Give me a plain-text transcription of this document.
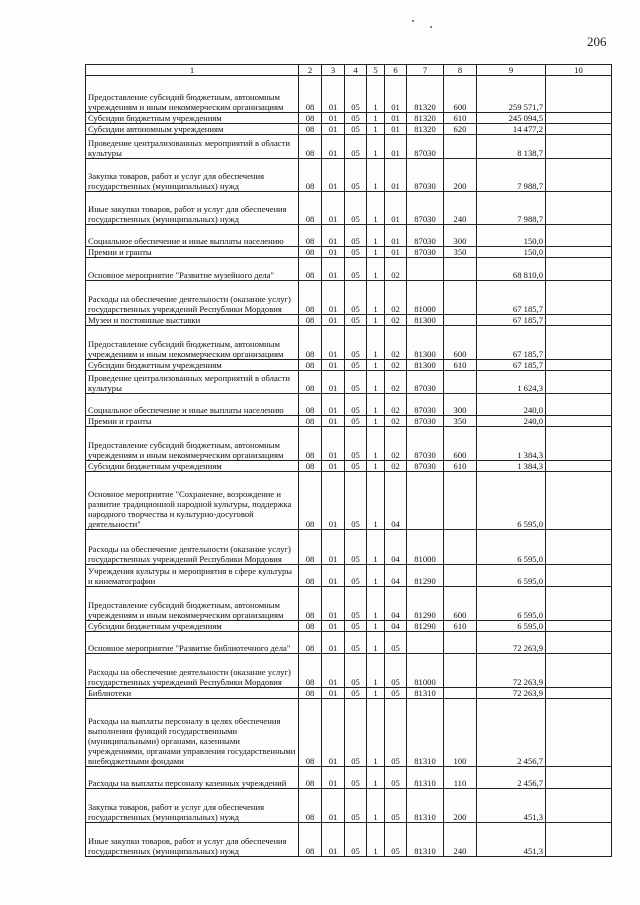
206
1	2	3	4	5	6	7	8	9	10
Предоставление субсидий бюджетным, автономным учреждениям и иным некоммерческим организациям	08	01	05	1	01	81320	600	259 571,7	
Субсидии бюджетным учреждениям	08	01	05	1	01	81320	610	245 094,5	
Субсидии автономным учреждениям	08	01	05	1	01	81320	620	14 477,2	
Проведение централизованных мероприятий в области культуры	08	01	05	1	01	87030		8 138,7	
Закупка товаров, работ и услуг для обеспечения государственных (муниципальных) нужд	08	01	05	1	01	87030	200	7 988,7	
Иные закупки товаров, работ и услуг для обеспечения государственных (муниципальных) нужд	08	01	05	1	01	87030	240	7 988,7	
Социальное обеспечение и иные выплаты населению	08	01	05	1	01	87030	300	150,0	
Премии и гранты	08	01	05	1	01	87030	350	150,0	
Основное мероприятие "Развитие музейного дела"	08	01	05	1	02			68 810,0	
Расходы на обеспечение деятельности (оказание услуг) государственных учреждений Республики Мордовия	08	01	05	1	02	81000		67 185,7	
Музеи и постоянные выставки	08	01	05	1	02	81300		67 185,7	
Предоставление субсидий бюджетным, автономным учреждениям и иным некоммерческим организациям	08	01	05	1	02	81300	600	67 185,7	
Субсидии бюджетным учреждениям	08	01	05	1	02	81300	610	67 185,7	
Проведение централизованных мероприятий в области культуры	08	01	05	1	02	87030		1 624,3	
Социальное обеспечение и иные выплаты населению	08	01	05	1	02	87030	300	240,0	
Премии и гранты	08	01	05	1	02	87030	350	240,0	
Предоставление субсидий бюджетным, автономным учреждениям и иным некоммерческим организациям	08	01	05	1	02	87030	600	1 384,3	
Субсидии бюджетным учреждениям	08	01	05	1	02	87030	610	1 384,3	
Основное мероприятие "Сохранение, возрождение и развитие традиционной народной культуры, поддержка народного творчества и культурно-досуговой деятельности"	08	01	05	1	04			6 595,0	
Расходы на обеспечение деятельности (оказание услуг) государственных учреждений Республики Мордовия	08	01	05	1	04	81000		6 595,0	
Учреждения культуры и мероприятия в сфере культуры и кинематографии	08	01	05	1	04	81290		6 595,0	
Предоставление субсидий бюджетным, автономным учреждениям и иным некоммерческим организациям	08	01	05	1	04	81290	600	6 595,0	
Субсидии бюджетным учреждениям	08	01	05	1	04	81290	610	6 595,0	
Основное мероприятие "Развитие библиотечного дела"	08	01	05	1	05			72 263,9	
Расходы на обеспечение деятельности (оказание услуг) государственных учреждений Республики Мордовия	08	01	05	1	05	81000		72 263,9	
Библиотеки	08	01	05	1	05	81310		72 263,9	
Расходы на выплаты персоналу в целях обеспечения выполнения функций государственными (муниципальными) органами, казенными учреждениями, органами управления государственными внебюджетными фондами	08	01	05	1	05	81310	100	2 456,7	
Расходы на выплаты персоналу казенных учреждений	08	01	05	1	05	81310	110	2 456,7	
Закупка товаров, работ и услуг для обеспечения государственных (муниципальных) нужд	08	01	05	1	05	81310	200	451,3	
Иные закупки товаров, работ и услуг для обеспечения государственных (муниципальных) нужд	08	01	05	1	05	81310	240	451,3	
